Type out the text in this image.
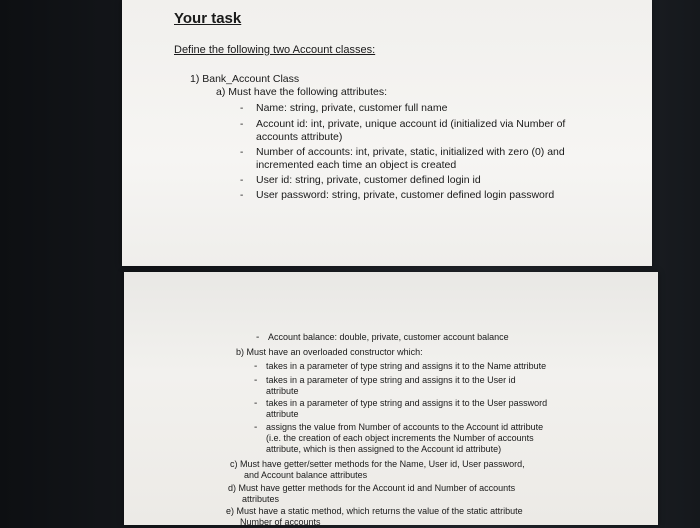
Your task
Define the following two Account classes:
1) Bank_Account Class
a) Must have the following attributes:
- Name: string, private, customer full name
- Account id: int, private, unique account id (initialized via Number of
accounts attribute)
- Number of accounts: int, private, static, initialized with zero (0) and
incremented each time an object is created
- User id: string, private, customer defined login id
- User password: string, private, customer defined login password
- Account balance: double, private, customer account balance
b) Must have an overloaded constructor which:
- takes in a parameter of type string and assigns it to the Name attribute
- takes in a parameter of type string and assigns it to the User id
attribute
- takes in a parameter of type string and assigns it to the User password
attribute
- assigns the value from Number of accounts to the Account id attribute
(i.e. the creation of each object increments the Number of accounts
attribute, which is then assigned to the Account id attribute)
c) Must have getter/setter methods for the Name, User id, User password,
and Account balance attributes
d) Must have getter methods for the Account id and Number of accounts
attributes
e) Must have a static method, which returns the value of the static attribute
Number of accounts
